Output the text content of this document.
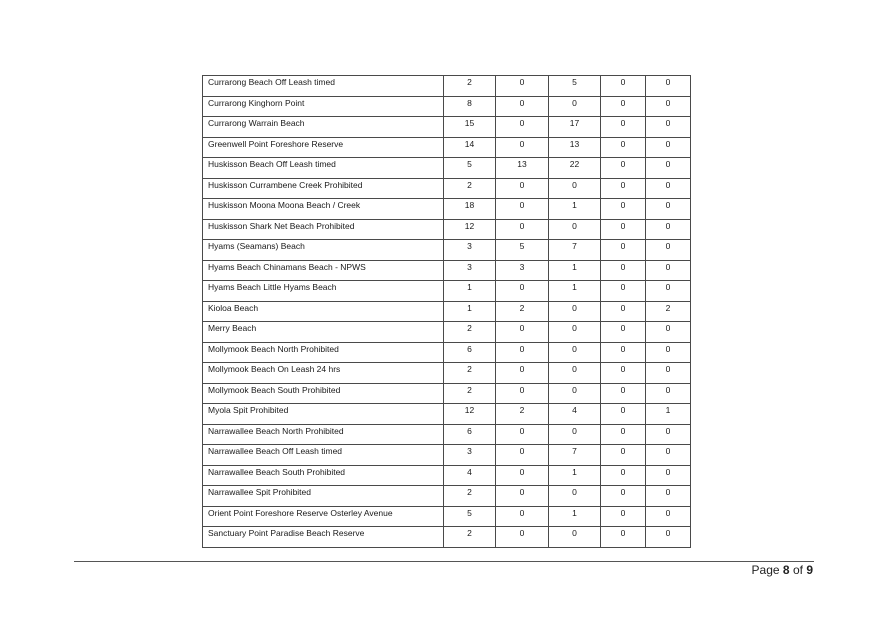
Currarong Beach Off Leash timed	2	0	5	0	0
Currarong Kinghorn Point	8	0	0	0	0
Currarong Warrain Beach	15	0	17	0	0
Greenwell Point Foreshore Reserve	14	0	13	0	0
Huskisson Beach Off Leash timed	5	13	22	0	0
Huskisson Currambene Creek Prohibited	2	0	0	0	0
Huskisson Moona Moona Beach / Creek	18	0	1	0	0
Huskisson Shark Net Beach Prohibited	12	0	0	0	0
Hyams (Seamans) Beach	3	5	7	0	0
Hyams Beach Chinamans Beach - NPWS	3	3	1	0	0
Hyams Beach Little Hyams Beach	1	0	1	0	0
Kioloa Beach	1	2	0	0	2
Merry Beach	2	0	0	0	0
Mollymook Beach North Prohibited	6	0	0	0	0
Mollymook Beach On Leash 24 hrs	2	0	0	0	0
Mollymook Beach South Prohibited	2	0	0	0	0
Myola Spit Prohibited	12	2	4	0	1
Narrawallee Beach North Prohibited	6	0	0	0	0
Narrawallee Beach Off Leash timed	3	0	7	0	0
Narrawallee Beach South Prohibited	4	0	1	0	0
Narrawallee Spit Prohibited	2	0	0	0	0
Orient Point Foreshore Reserve Osterley Avenue	5	0	1	0	0
Sanctuary Point Paradise Beach Reserve	2	0	0	0	0
Page 8 of 9
